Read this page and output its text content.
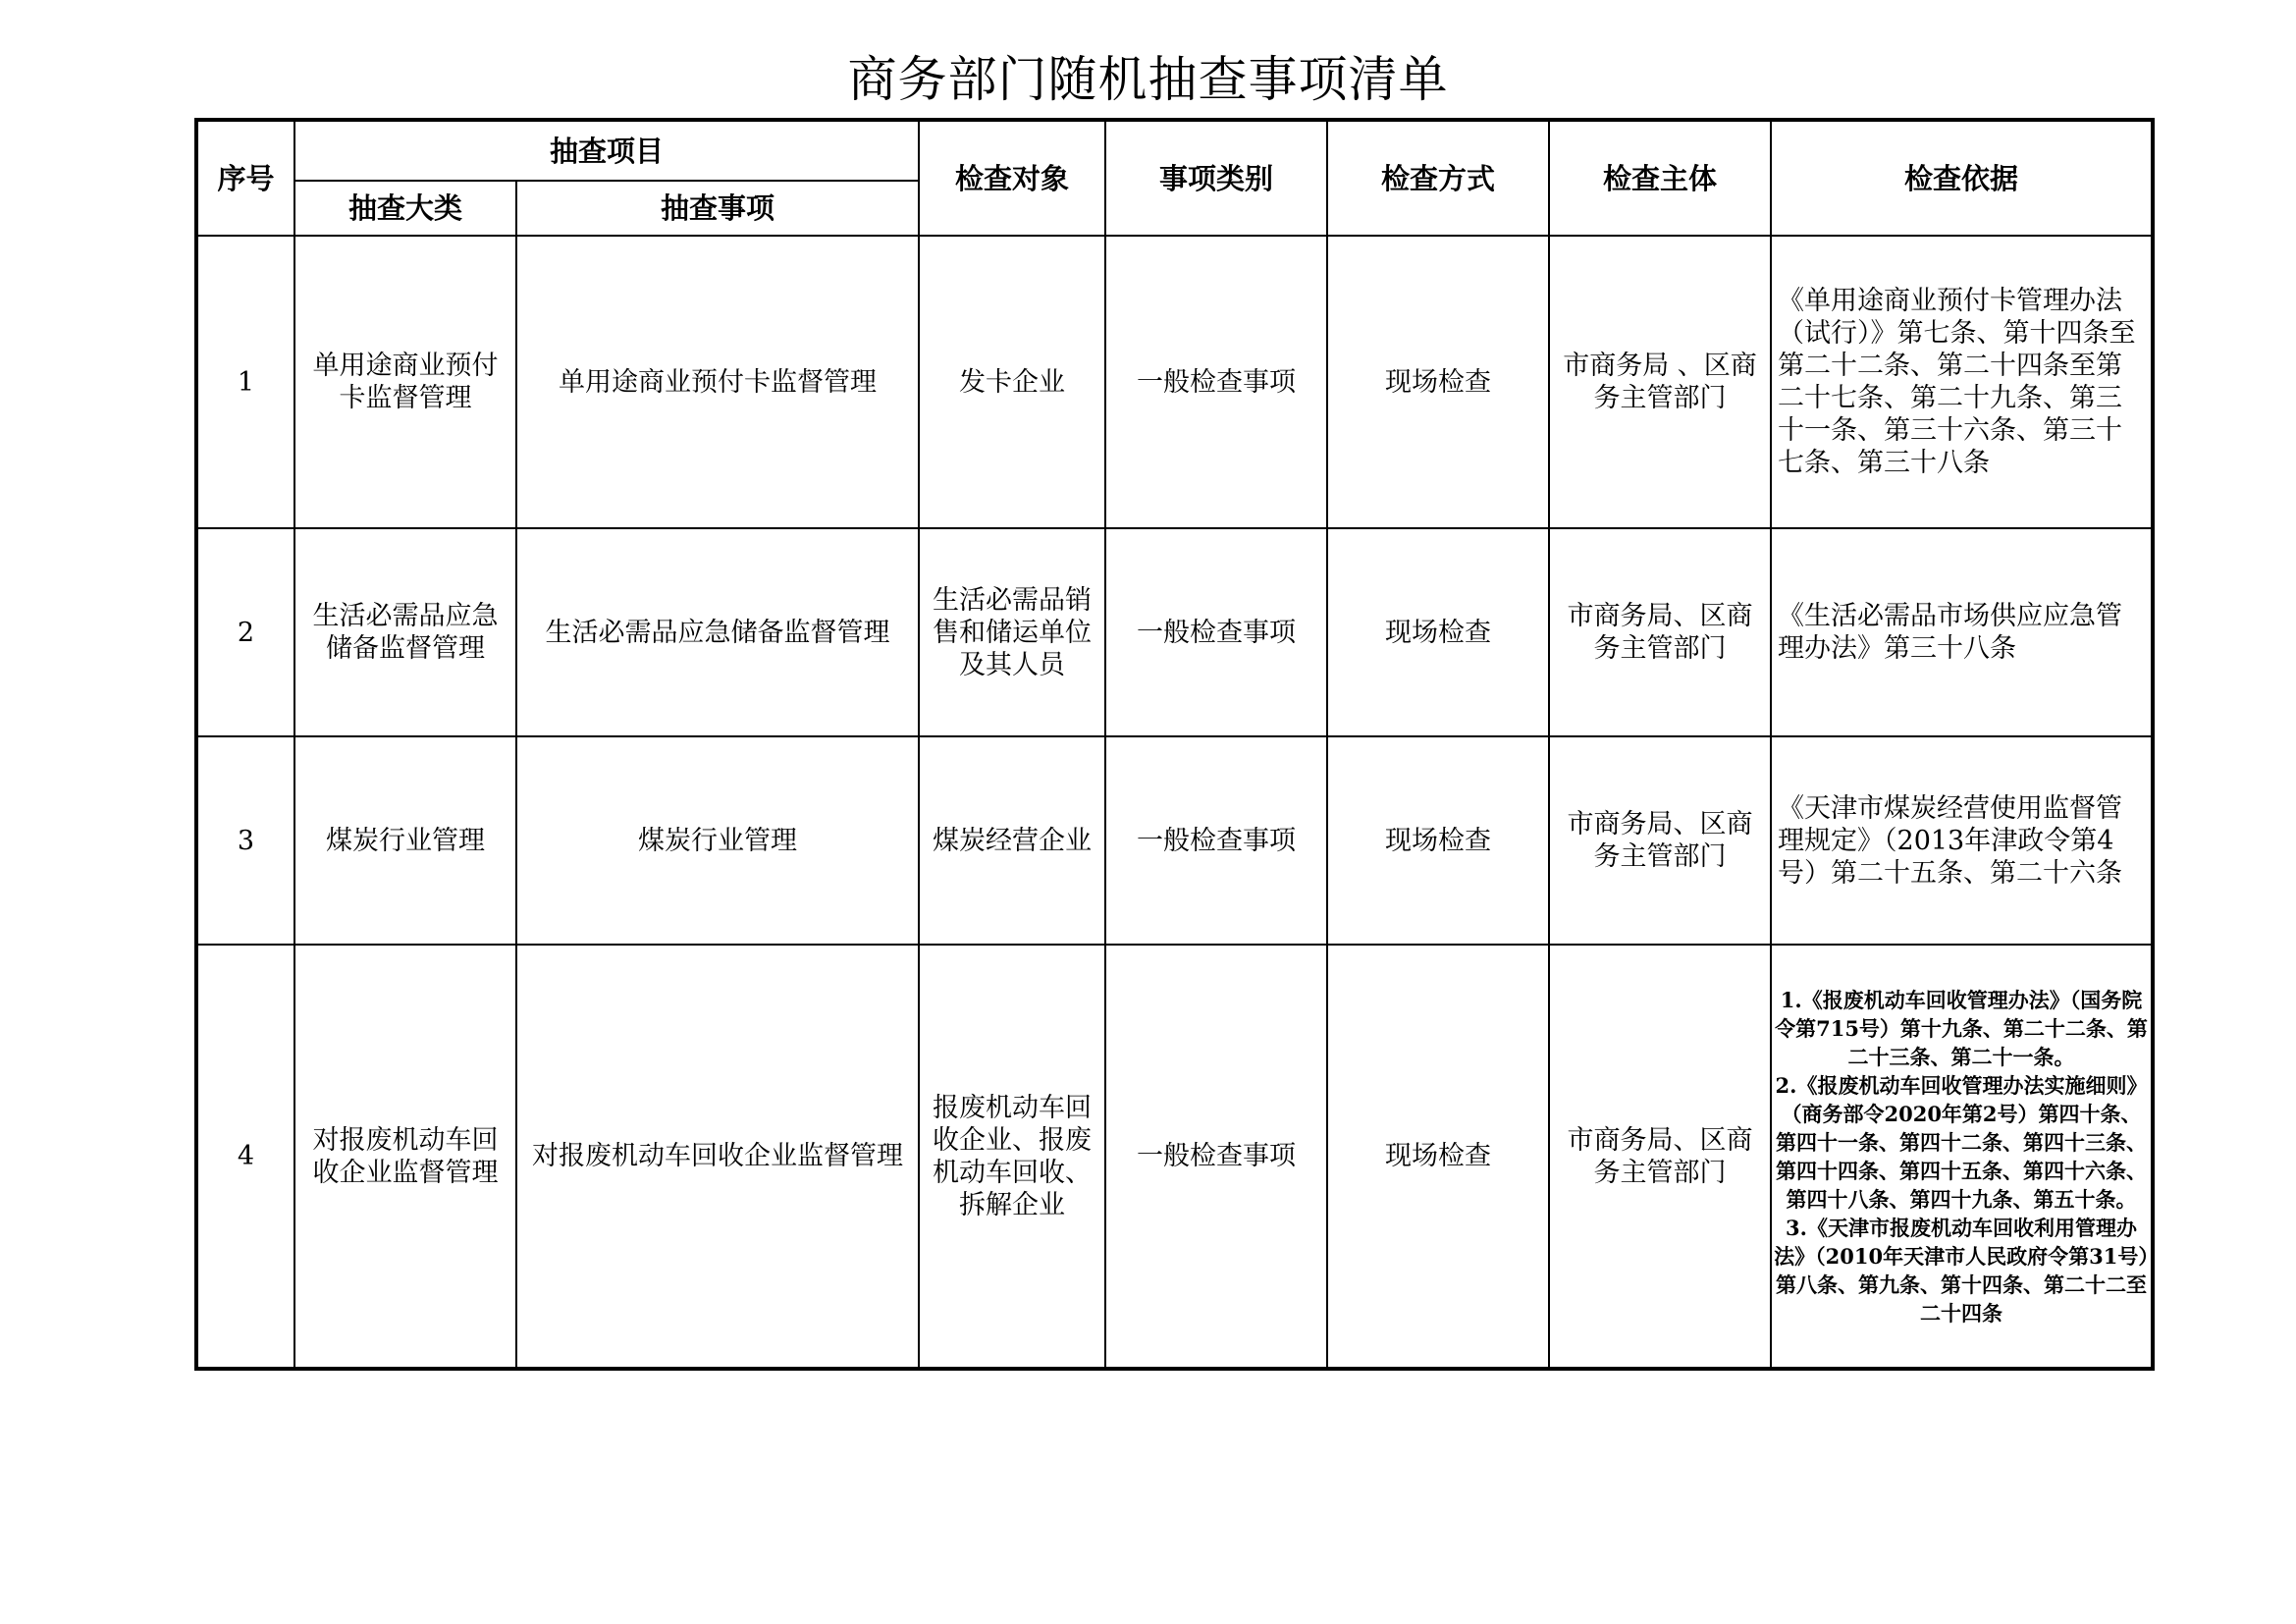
商务部门随机抽查事项清单
序号	抽查项目		检查对象	事项类别	检查方式	检查主体	检查依据
	抽查大类	抽查事项					
1	单用途商业预付卡监督管理	单用途商业预付卡监督管理	发卡企业	一般检查事项	现场检查	市商务局 、区商务主管部门	《单用途商业预付卡管理办法（试行）》第七条、第十四条至第二十二条、第二十四条至第二十七条、第二十九条、第三十一条、第三十六条、第三十七条、第三十八条

2	生活必需品应急储备监督管理	生活必需品应急储备监督管理	生活必需品销售和储运单位及其人员	一般检查事项	现场检查	市商务局、区商务主管部门	《生活必需品市场供应应急管理办法》第三十八条

3	煤炭行业管理	煤炭行业管理	煤炭经营企业	一般检查事项	现场检查	市商务局、区商务主管部门	《天津市煤炭经营使用监督管理规定》（2013年津政令第4号）第二十五条、第二十六条

4	对报废机动车回收企业监督管理	对报废机动车回收企业监督管理	报废机动车回收企业、报废机动车回收、拆解企业	一般检查事项	现场检查	市商务局、区商务主管部门	1.《报废机动车回收管理办法》（国务院令第715号）第十九条、第二十二条、第二十三条、第二十一条。
2.《报废机动车回收管理办法实施细则》（商务部令2020年第2号）第四十条、第四十一条、第四十二条、第四十三条、第四十四条、第四十五条、第四十六条、第四十八条、第四十九条、第五十条。
3.《天津市报废机动车回收利用管理办法》（2010年天津市人民政府令第31号）第八条、第九条、第十四条、第二十二至二十四条
